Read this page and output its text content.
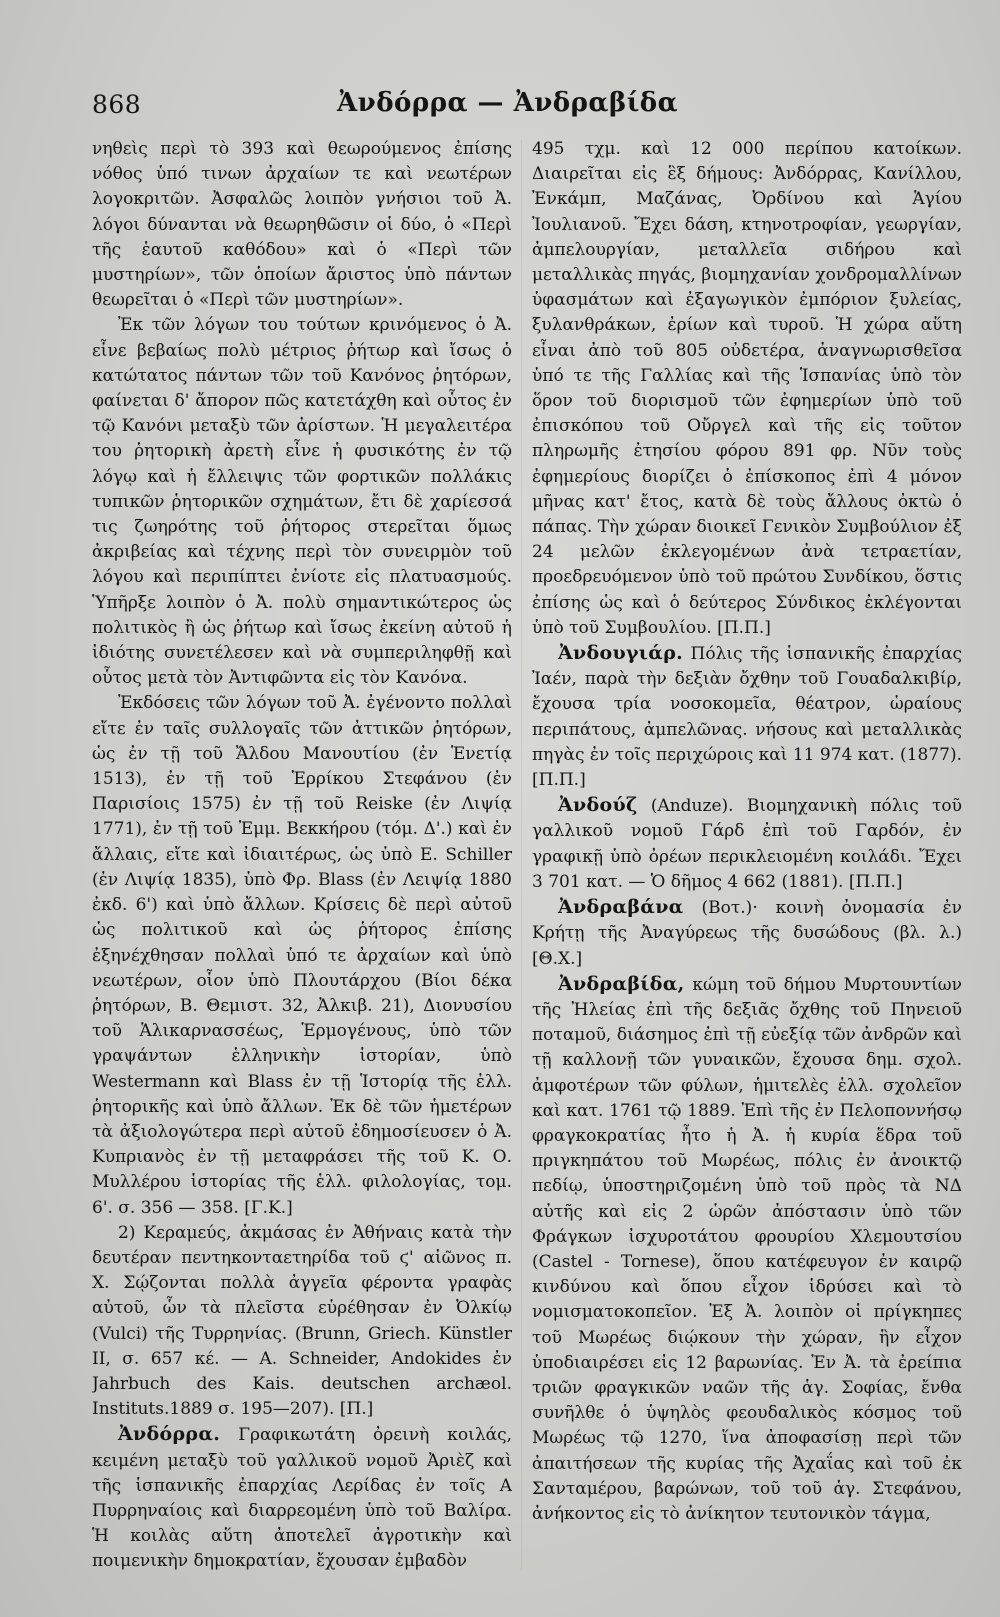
868	Ἀνδόρρα — Ἀνδραβίδα

νηθεὶς περὶ τὸ 393 καὶ θεωρούμενος ἐπίσης νόθος ὑπό τινων ἀρχαίων τε καὶ νεωτέρων λογοκριτῶν. Ἀσφαλῶς λοιπὸν γνήσιοι τοῦ Ἀ. λόγοι δύνανται νὰ θεωρηθῶσιν οἱ δύο, ὁ «Περὶ τῆς ἑαυτοῦ καθόδου» καὶ ὁ «Περὶ τῶν μυστηρίων», τῶν ὁποίων ἄριστος ὑπὸ πάντων θεωρεῖται ὁ «Περὶ τῶν μυστηρίων».

Ἐκ τῶν λόγων του τούτων κρινόμενος ὁ Ἀ. εἶνε βεβαίως πολὺ μέτριος ῥήτωρ καὶ ἴσως ὁ κατώτατος πάντων τῶν τοῦ Κανόνος ῥητόρων, φαίνεται δ' ἄπορον πῶς κατετάχθη καὶ οὗτος ἐν τῷ Κανόνι μεταξὺ τῶν ἀρίστων. Ἡ μεγαλειτέρα του ῥητορικὴ ἀρετὴ εἶνε ἡ φυσικότης ἐν τῷ λόγῳ καὶ ἡ ἔλλειψις τῶν φορτικῶν πολλάκις τυπικῶν ῥητορικῶν σχημάτων, ἔτι δὲ χαρίεσσά τις ζωηρότης τοῦ ῥήτορος στερεῖται ὅμως ἀκριβείας καὶ τέχνης περὶ τὸν συνειρμὸν τοῦ λόγου καὶ περιπίπτει ἐνίοτε εἰς πλατυασμούς. Ὑπῆρξε λοιπὸν ὁ Ἀ. πολὺ σημαντικώτερος ὡς πολιτικὸς ἢ ὡς ῥήτωρ καὶ ἴσως ἐκείνη αὐτοῦ ἡ ἰδιότης συνετέλεσεν καὶ νὰ συμπεριληφθῇ καὶ οὗτος μετὰ τὸν Ἀντιφῶντα εἰς τὸν Κανόνα.

Ἐκδόσεις τῶν λόγων τοῦ Ἀ. ἐγένοντο πολλαὶ εἴτε ἐν ταῖς συλλογαῖς τῶν ἀττικῶν ῥητόρων, ὡς ἐν τῇ τοῦ Ἄλδου Μανουτίου (ἐν Ἑνετίᾳ 1513), ἐν τῇ τοῦ Ἑρρίκου Στεφάνου (ἐν Παρισίοις 1575) ἐν τῇ τοῦ Reiske (ἐν Λιψίᾳ 1771), ἐν τῇ τοῦ Ἐμμ. Βεκκήρου (τόμ. Δ'.) καὶ ἐν ἄλλαις, εἴτε καὶ ἰδιαιτέρως, ὡς ὑπὸ E. Schiller (ἐν Λιψίᾳ 1835), ὑπὸ Φρ. Blass (ἐν Λειψίᾳ 1880 ἐκδ. 6') καὶ ὑπὸ ἄλλων. Κρίσεις δὲ περὶ αὐτοῦ ὡς πολιτικοῦ καὶ ὡς ῥήτορος ἐπίσης ἐξηνέχθησαν πολλαὶ ὑπό τε ἀρχαίων καὶ ὑπὸ νεωτέρων, οἷον ὑπὸ Πλουτάρχου (Βίοι δέκα ῥητόρων, Β. Θεμιστ. 32, Ἀλκιβ. 21), Διονυσίου τοῦ Ἁλικαρνασσέως, Ἑρμογένους, ὑπὸ τῶν γραψάντων ἑλληνικὴν ἱστορίαν, ὑπὸ Westermann καὶ Blass ἐν τῇ Ἱστορίᾳ τῆς ἑλλ. ῥητορικῆς καὶ ὑπὸ ἄλλων. Ἐκ δὲ τῶν ἡμετέρων τὰ ἀξιολογώτερα περὶ αὐτοῦ ἐδημοσίευσεν ὁ Ἀ. Κυπριανὸς ἐν τῇ μεταφράσει τῆς τοῦ Κ. Ο. Μυλλέρου ἱστορίας τῆς ἑλλ. φιλολογίας, τομ. 6'. σ. 356 — 358. [Γ.Κ.]

2) Κεραμεύς, ἀκμάσας ἐν Ἀθήναις κατὰ τὴν δευτέραν πεντηκονταετηρίδα τοῦ ϛ' αἰῶνος π. Χ. Σῴζονται πολλὰ ἀγγεῖα φέροντα γραφὰς αὐτοῦ, ὧν τὰ πλεῖστα εὑρέθησαν ἐν Ὀλκίῳ (Vulci) τῆς Τυρρηνίας. (Brunn, Griech. Künstler II, σ. 657 κέ. — A. Schneider, Andokides ἐν Jahrbuch des Kais. deutschen archæol. Instituts.1889 σ. 195—207). [Π.]

Ἀνδόρρα. Γραφικωτάτη ὀρεινὴ κοιλάς, κειμένη μεταξὺ τοῦ γαλλικοῦ νομοῦ Ἀριὲζ καὶ τῆς ἱσπανικῆς ἐπαρχίας Λερίδας ἐν τοῖς Α Πυρρηναίοις καὶ διαρρεομένη ὑπὸ τοῦ Βαλίρα. Ἡ κοιλὰς αὕτη ἀποτελεῖ ἀγροτικὴν καὶ ποιμενικὴν δημοκρατίαν, ἔχουσαν ἐμβαδὸν

495 τχμ. καὶ 12 000 περίπου κατοίκων. Διαιρεῖται εἰς ἓξ δήμους: Ἀνδόρρας, Κανίλλου, Ἐνκάμπ, Μαζάνας, Ὀρδίνου καὶ Ἁγίου Ἰουλιανοῦ. Ἔχει δάση, κτηνοτροφίαν, γεωργίαν, ἀμπελουργίαν, μεταλλεῖα σιδήρου καὶ μεταλλικὰς πηγάς, βιομηχανίαν χονδρομαλλίνων ὑφασμάτων καὶ ἐξαγωγικὸν ἐμπόριον ξυλείας, ξυλανθράκων, ἐρίων καὶ τυροῦ. Ἡ χώρα αὕτη εἶναι ἀπὸ τοῦ 805 οὐδετέρα, ἀναγνωρισθεῖσα ὑπό τε τῆς Γαλλίας καὶ τῆς Ἱσπανίας ὑπὸ τὸν ὅρον τοῦ διορισμοῦ τῶν ἐφημερίων ὑπὸ τοῦ ἐπισκόπου τοῦ Οὔργελ καὶ τῆς εἰς τοῦτον πληρωμῆς ἐτησίου φόρου 891 φρ. Νῦν τοὺς ἐφημερίους διορίζει ὁ ἐπίσκοπος ἐπὶ 4 μόνον μῆνας κατ' ἔτος, κατὰ δὲ τοὺς ἄλλους ὀκτὼ ὁ πάπας. Τὴν χώραν διοικεῖ Γενικὸν Συμβούλιον ἐξ 24 μελῶν ἐκλεγομένων ἀνὰ τετραετίαν, προεδρευόμενον ὑπὸ τοῦ πρώτου Συνδίκου, ὅστις ἐπίσης ὡς καὶ ὁ δεύτερος Σύνδικος ἐκλέγονται ὑπὸ τοῦ Συμβουλίου. [Π.Π.]

Ἀνδουγιάρ. Πόλις τῆς ἱσπανικῆς ἐπαρχίας Ἰαέν, παρὰ τὴν δεξιὰν ὄχθην τοῦ Γουαδαλκιβίρ, ἔχουσα τρία νοσοκομεῖα, θέατρον, ὡραίους περιπάτους, ἀμπελῶνας. νήσους καὶ μεταλλικὰς πηγὰς ἐν τοῖς περιχώροις καὶ 11 974 κατ. (1877). [Π.Π.]

Ἀνδούζ (Anduze). Βιομηχανικὴ πόλις τοῦ γαλλικοῦ νομοῦ Γάρδ ἐπὶ τοῦ Γαρδόν, ἐν γραφικῇ ὑπὸ ὀρέων περικλειομένη κοιλάδι. Ἔχει 3 701 κατ. — Ὁ δῆμος 4 662 (1881). [Π.Π.]

Ἀνδραβάνα (Βοτ.)· κοινὴ ὀνομασία ἐν Κρήτῃ τῆς Ἀναγύρεως τῆς δυσώδους (βλ. λ.) [Θ.Χ.]

Ἀνδραβίδα, κώμη τοῦ δήμου Μυρτουντίων τῆς Ἠλείας ἐπὶ τῆς δεξιᾶς ὄχθης τοῦ Πηνειοῦ ποταμοῦ, διάσημος ἐπὶ τῇ εὐεξίᾳ τῶν ἀνδρῶν καὶ τῇ καλλονῇ τῶν γυναικῶν, ἔχουσα δημ. σχολ. ἀμφοτέρων τῶν φύλων, ἡμιτελὲς ἑλλ. σχολεῖον καὶ κατ. 1761 τῷ 1889. Ἐπὶ τῆς ἐν Πελοποννήσῳ φραγκοκρατίας ἦτο ἡ Ἀ. ἡ κυρία ἕδρα τοῦ πριγκηπάτου τοῦ Μωρέως, πόλις ἐν ἀνοικτῷ πεδίῳ, ὑποστηριζομένη ὑπὸ τοῦ πρὸς τὰ ΝΔ αὐτῆς καὶ εἰς 2 ὡρῶν ἀπόστασιν ὑπὸ τῶν Φράγκων ἰσχυροτάτου φρουρίου Χλεμουτσίου (Castel - Tornese), ὅπου κατέφευγον ἐν καιρῷ κινδύνου καὶ ὅπου εἶχον ἱδρύσει καὶ τὸ νομισματοκοπεῖον. Ἐξ Ἀ. λοιπὸν οἱ πρίγκηπες τοῦ Μωρέως διῴκουν τὴν χώραν, ἣν εἶχον ὑποδιαιρέσει εἰς 12 βαρωνίας. Ἐν Ἀ. τὰ ἐρείπια τριῶν φραγκικῶν ναῶν τῆς ἁγ. Σοφίας, ἔνθα συνῆλθε ὁ ὑψηλὸς φεουδαλικὸς κόσμος τοῦ Μωρέως τῷ 1270, ἵνα ἀποφασίσῃ περὶ τῶν ἀπαιτήσεων τῆς κυρίας τῆς Ἀχαΐας καὶ τοῦ ἐκ Σανταμέρου, βαρώνων, τοῦ τοῦ ἁγ. Στεφάνου, ἀνήκοντος εἰς τὸ ἀνίκητον τευτονικὸν τάγμα,
